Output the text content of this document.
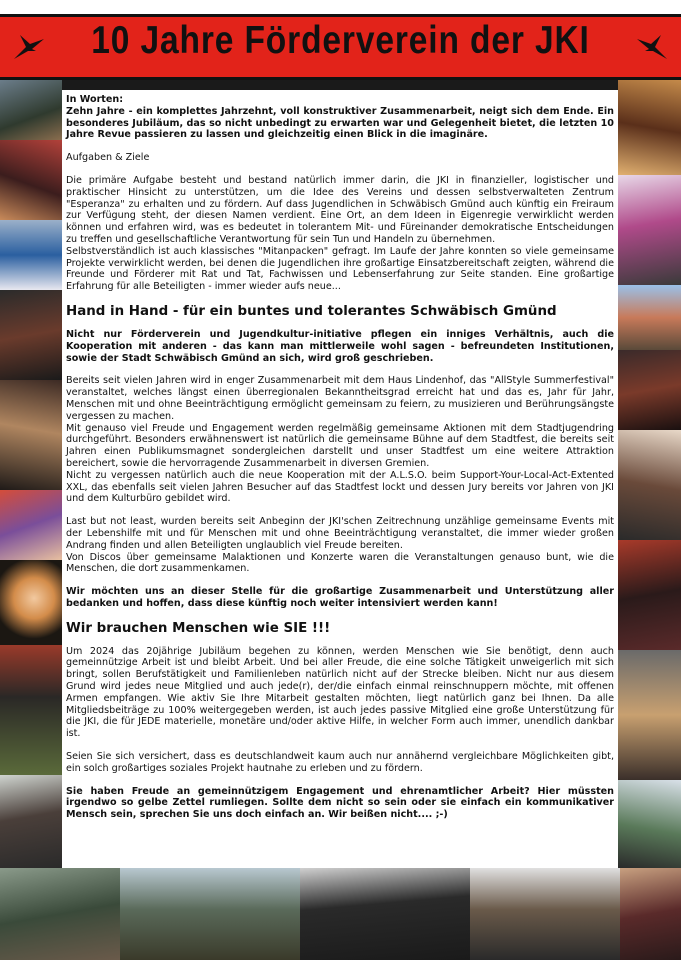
10 Jahre Förderverein der JKI

In Worten:

Zehn Jahre - ein komplettes Jahrzehnt, voll konstruktiver Zusammenarbeit, neigt sich dem Ende. Ein besonderes Jubiläum, das so nicht unbedingt zu erwarten war und Gelegenheit bietet, die letzten 10 Jahre Revue passieren zu lassen und gleichzeitig einen Blick in die imaginäre.

Aufgaben & Ziele

Die primäre Aufgabe besteht und bestand natürlich immer darin, die JKI in finanzieller, logistischer und praktischer Hinsicht zu unterstützen, um die Idee des Vereins und dessen selbstverwalteten Zentrum "Esperanza" zu erhalten und zu fördern. Auf dass Jugendlichen in Schwäbisch Gmünd auch künftig ein Freiraum zur Verfügung steht, der diesen Namen verdient. Eine Ort, an dem Ideen in Eigenregie verwirklicht werden können und erfahren wird, was es bedeutet in tolerantem Mit- und Füreinander demokratische Entscheidungen zu treffen und gesellschaftliche Verantwortung für sein Tun und Handeln zu übernehmen.

Selbstverständlich ist auch klassisches "Mitanpacken" gefragt. Im Laufe der Jahre konnten so viele gemeinsame Projekte verwirklicht werden, bei denen die Jugendlichen ihre großartige Einsatzbereitschaft zeigten, während die Freunde und Förderer mit Rat und Tat, Fachwissen und Lebenserfahrung zur Seite standen. Eine großartige Erfahrung für alle Beteiligten - immer wieder aufs neue...

Hand in Hand - für ein buntes und tolerantes Schwäbisch Gmünd

Nicht nur Förderverein und Jugendkultur-initiative pflegen ein inniges Verhältnis, auch die Kooperation mit anderen - das kann man mittlerweile wohl sagen - befreundeten Institutionen, sowie der Stadt Schwäbisch Gmünd an sich, wird groß geschrieben.

Bereits seit vielen Jahren wird in enger Zusammenarbeit mit dem Haus Lindenhof, das "AllStyle Summerfestival" veranstaltet, welches längst einen überregionalen Bekanntheitsgrad erreicht hat und das es, Jahr für Jahr, Menschen mit und ohne Beeinträchtigung ermöglicht gemeinsam zu feiern, zu musizieren und Berührungsängste vergessen zu machen.

Mit genauso viel Freude und Engagement werden regelmäßig gemeinsame Aktionen mit dem Stadtjugendring durchgeführt. Besonders erwähnenswert ist natürlich die gemeinsame Bühne auf dem Stadtfest, die bereits seit Jahren einen Publikumsmagnet sondergleichen darstellt und unser Stadtfest um eine weitere Attraktion bereichert, sowie die hervorragende Zusammenarbeit in diversen Gremien.

Nicht zu vergessen natürlich auch die neue Kooperation mit der A.L.S.O. beim Support-Your-Local-Act-Extented XXL, das ebenfalls seit vielen Jahren Besucher auf das Stadtfest lockt und dessen Jury bereits vor Jahren von JKI und dem Kulturbüro gebildet wird.

Last but not least, wurden bereits seit Anbeginn der JKI'schen Zeitrechnung unzählige gemeinsame Events mit der Lebenshilfe mit und für Menschen mit und ohne Beeinträchtigung veranstaltet, die immer wieder großen Andrang finden und allen Beteiligten unglaublich viel Freude bereiten.

Von Discos über gemeinsame Malaktionen und Konzerte waren die Veranstaltungen genauso bunt, wie die Menschen, die dort zusammenkamen.

Wir möchten uns an dieser Stelle für die großartige Zusammenarbeit und Unterstützung aller bedanken und hoffen, dass diese künftig noch weiter intensiviert werden kann!

Wir brauchen Menschen wie SIE !!!

Um 2024 das 20jährige Jubiläum begehen zu können, werden Menschen wie Sie benötigt, denn auch gemeinnützige Arbeit ist und bleibt Arbeit. Und bei aller Freude, die eine solche Tätigkeit unweigerlich mit sich bringt, sollen Berufstätigkeit und Familienleben natürlich nicht auf der Strecke bleiben. Nicht nur aus diesem Grund wird jedes neue Mitglied und auch jede(r), der/die einfach einmal reinschnuppern möchte, mit offenen Armen empfangen. Wie aktiv Sie Ihre Mitarbeit gestalten möchten, liegt natürlich ganz bei Ihnen. Da alle Mitgliedsbeiträge zu 100% weitergegeben werden, ist auch jedes passive Mitglied eine große Unterstützung für die JKI, die für JEDE materielle, monetäre und/oder aktive Hilfe, in welcher Form auch immer, unendlich dankbar ist.

Seien Sie sich versichert, dass es deutschlandweit kaum auch nur annähernd vergleichbare Möglichkeiten gibt, ein solch großartiges soziales Projekt hautnahe zu erleben und zu fördern.

Sie haben Freude an gemeinnützigem Engagement und ehrenamtlicher Arbeit? Hier müssten irgendwo so gelbe Zettel rumliegen. Sollte dem nicht so sein oder sie einfach ein kommunikativer Mensch sein, sprechen Sie uns doch einfach an. Wir beißen nicht.... ;-)
